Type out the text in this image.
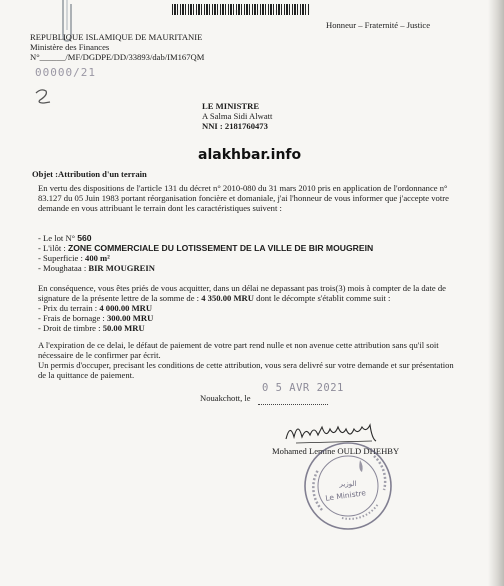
Honneur – Fraternité – Justice
REPUBLIQUE ISLAMIQUE DE MAURITANIE
Ministère des Finances
N°______/MF/DGDPE/DD/33893/dab/IM167QM
00000/21
LE MINISTRE
A Salma Sidi Alwatt
NNI : 2181760473
alakhbar.info
Objet :Attribution d'un terrain
En vertu des dispositions de l'article 131 du décret n° 2010-080 du 31 mars 2010 pris en application de l'ordonnance n°
83.127 du 05 Juin 1983 portant réorganisation foncière et domaniale, j'ai l'honneur de vous informer que j'accepte votre
demande en vous attribuant le terrain dont les caractéristiques suivent :
- Le lot N° 560
- L'ilôt : ZONE COMMERCIALE DU LOTISSEMENT DE LA VILLE DE BIR MOUGREIN
- Superficie : 400 m²
- Moughataa : BIR MOUGREIN
En conséquence, vous êtes priés de vous acquitter, dans un délai ne depassant pas trois(3) mois à compter de la date de
signature de la présente lettre de la somme de : 4 350.00 MRU dont le décompte s'établit comme suit :
- Prix du terrain : 4 000.00 MRU
- Frais de bornage : 300.00 MRU
- Droit de timbre : 50.00 MRU
A l'expiration de ce delai, le défaut de paiement de votre part rend nulle et non avenue cette attribution sans qu'il soit
nécessaire de le confirmer par écrit.
Un permis d'occuper, precisant les conditions de cette attribution, vous sera delivré sur votre demande et sur présentation
de la quittance de paiement.
Nouakchott, le
0 5 AVR 2021
Mohamed Lemine OULD DHEHBY
الوزير
Le Ministre
